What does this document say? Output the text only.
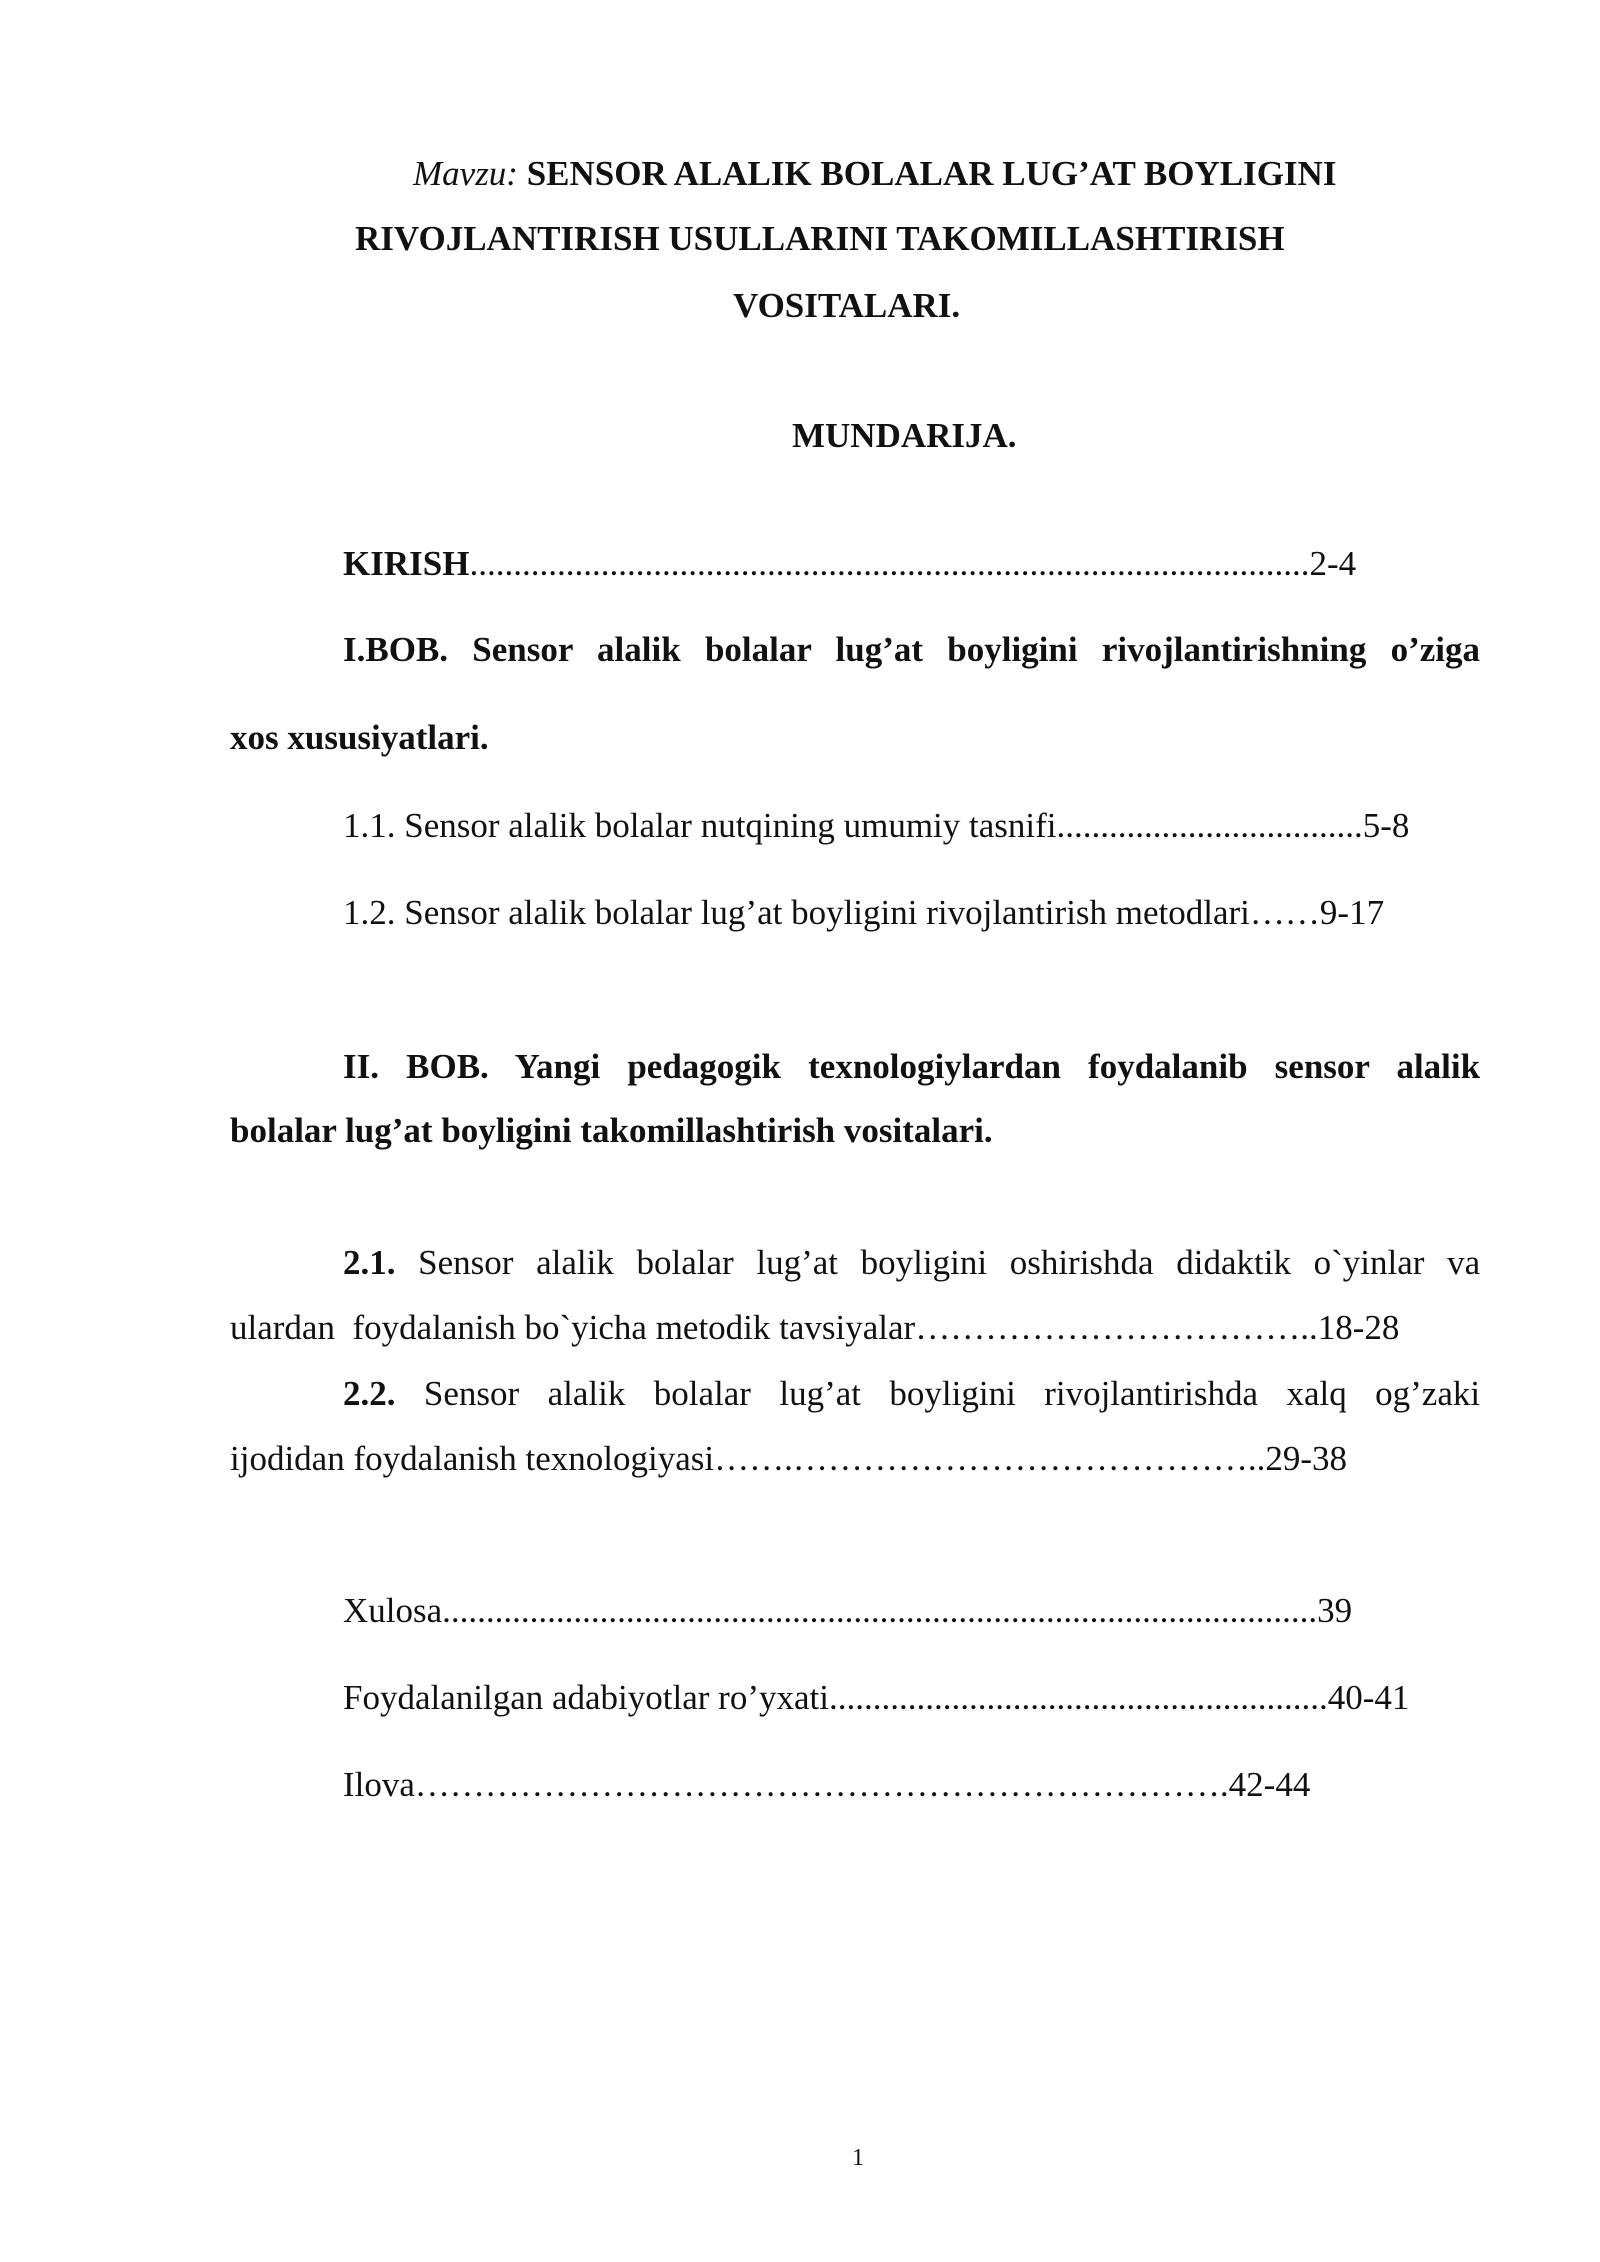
Mavzu: SENSOR ALALIK BOLALAR LUG’AT BOYLIGINI
RIVOJLANTIRISH USULLARINI TAKOMILLASHTIRISH
VOSITALARI.
MUNDARIJA.
KIRISH................................................................................................2-4
I.BOB. Sensor alalik bolalar lug’at boyligini rivojlantirishning o’ziga
xos xususiyatlari.
1.1. Sensor alalik bolalar nutqining umumiy tasnifi...................................5-8
1.2. Sensor alalik bolalar lug’at boyligini rivojlantirish metodlari……9-17
II. BOB. Yangi pedagogik texnologiylardan foydalanib sensor alalik
bolalar lug’at boyligini takomillashtirish vositalari.
2.1. Sensor alalik bolalar lug’at boyligini oshirishda didaktik o`yinlar va
ulardan  foydalanish bo`yicha metodik tavsiyalar……………………………..18-28
2.2. Sensor alalik bolalar lug’at boyligini rivojlantirishda xalq og’zaki
ijodidan foydalanish texnologiyasi…….…………………………………..29-38
Xulosa....................................................................................................39
Foydalanilgan adabiyotlar ro’yxati.........................................................40-41
Ilova…………………………………………………………….42-44
1
